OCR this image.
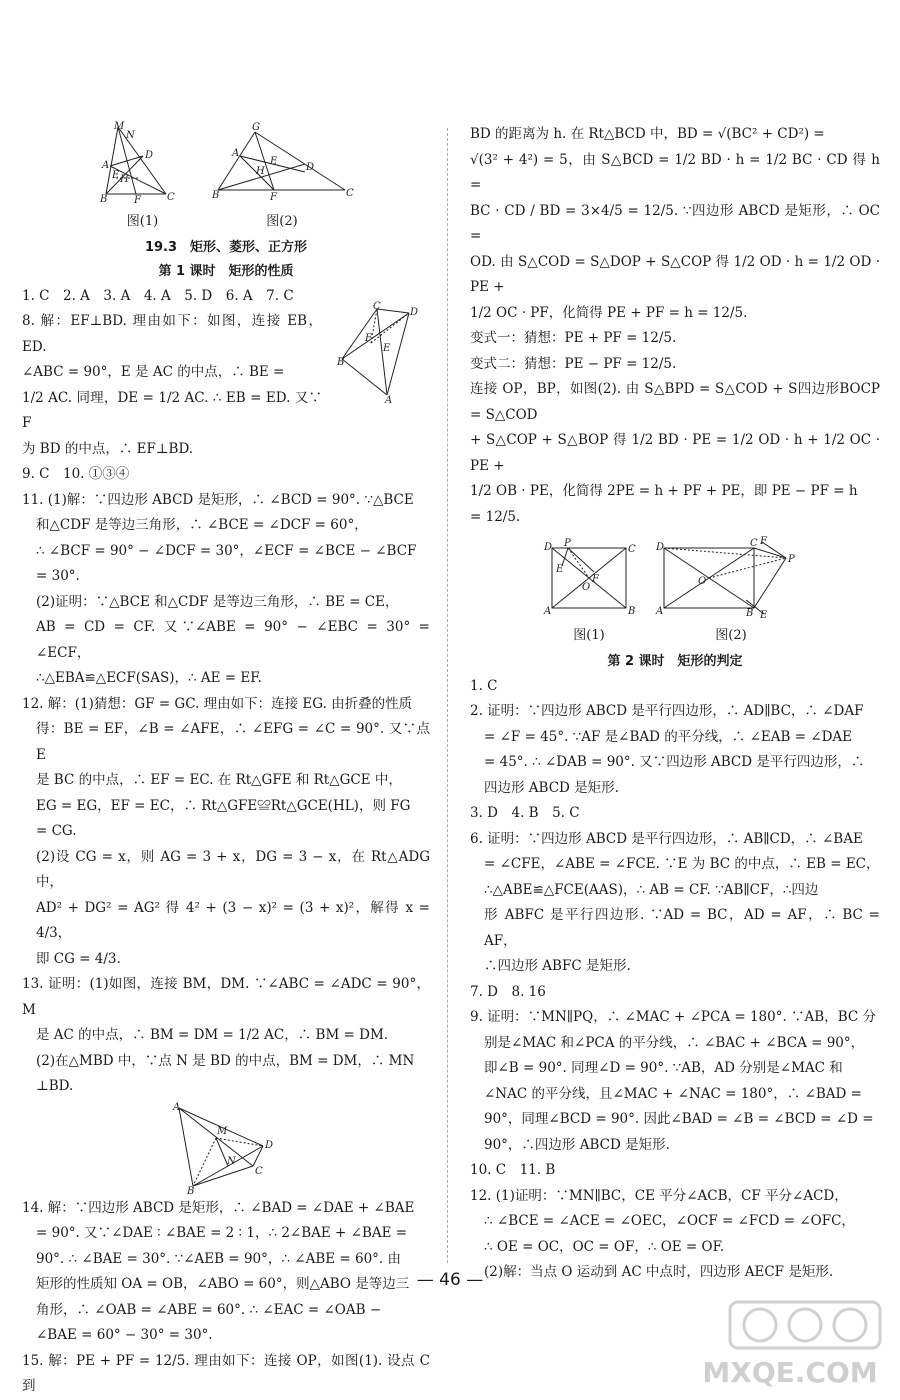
M
N
A
D
E H
B	F	C
图(1)
G
A
E
H	D
B	F	C
图(2)
19.3　矩形、菱形、正方形
第 1 课时　矩形的性质

1. C　2. A　3. A　4. A　5. D　6. A　7. C

C
D
F
E
B
A

8. 解：EF⊥BD. 理由如下：如图，连接 EB，ED.

∠ABC = 90°，E 是 AC 的中点，∴ BE =

1/2 AC. 同理，DE = 1/2 AC. ∴ EB = ED. 又∵ F

为 BD 的中点，∴ EF⊥BD.

9. C　10. ①③④

11. (1)解：∵四边形 ABCD 是矩形，∴ ∠BCD = 90°. ∵△BCE

和△CDF 是等边三角形，∴ ∠BCE = ∠DCF = 60°，

∴ ∠BCF = 90° − ∠DCF = 30°，∠ECF = ∠BCE − ∠BCF

= 30°.

(2)证明：∵△BCE 和△CDF 是等边三角形，∴ BE = CE，

AB = CD = CF. 又∵∠ABE = 90° − ∠EBC = 30° = ∠ECF，

∴△EBA≌△ECF(SAS)，∴ AE = EF.

12. 解：(1)猜想：GF = GC. 理由如下：连接 EG. 由折叠的性质

得：BE = EF，∠B = ∠AFE，∴ ∠EFG = ∠C = 90°. 又∵点 E

是 BC 的中点，∴ EF = EC. 在 Rt△GFE 和 Rt△GCE 中，

EG = EG，EF = EC，∴ Rt△GFE≌Rt△GCE(HL)，则 FG

= CG.

(2)设 CG = x，则 AG = 3 + x，DG = 3 − x，在 Rt△ADG 中，

AD² + DG² = AG² 得 4² + (3 − x)² = (3 + x)²，解得 x = 4/3，

即 CG = 4/3.

13. 证明：(1)如图，连接 BM，DM. ∵∠ABC = ∠ADC = 90°，M

是 AC 的中点，∴ BM = DM = 1/2 AC，∴ BM = DM.

(2)在△MBD 中，∵点 N 是 BD 的中点，BM = DM，∴ MN

⊥BD.

A
M
D
N
C
B

14. 解：∵四边形 ABCD 是矩形，∴ ∠BAD = ∠DAE + ∠BAE

= 90°. 又∵∠DAE ∶ ∠BAE = 2 ∶ 1，∴ 2∠BAE + ∠BAE =

90°. ∴ ∠BAE = 30°. ∵∠AEB = 90°，∴ ∠ABE = 60°. 由

矩形的性质知 OA = OB，∠ABO = 60°，则△ABO 是等边三

角形，∴ ∠OAB = ∠ABE = 60°. ∴ ∠EAC = ∠OAB −

∠BAE = 60° − 30° = 30°.

15. 解：PE + PF = 12/5. 理由如下：连接 OP，如图(1). 设点 C 到

BD 的距离为 h. 在 Rt△BCD 中，BD = √(BC² + CD²) =

√(3² + 4²) = 5，由 S△BCD = 1/2 BD · h = 1/2 BC · CD 得 h =

BC · CD / BD = 3×4/5 = 12/5. ∵四边形 ABCD 是矩形，∴ OC =

OD. 由 S△COD = S△DOP + S△COP 得 1/2 OD · h = 1/2 OD · PE +

1/2 OC · PF，化简得 PE + PF = h = 12/5.

变式一：猜想：PE + PF = 12/5.

变式二：猜想：PE − PF = 12/5.

连接 OP，BP，如图(2). 由 S△BPD = S△COD + S四边形BOCP = S△COD

+ S△COP + S△BOP 得 1/2 BD · PE = 1/2 OD · h + 1/2 OC · PE +

1/2 OB · PE，化简得 2PE = h + PF + PE，即 PE − PF = h

= 12/5.

D P
C
E
F
O
A	B
图(1)
D	C F
P
O
A	B E
图(2)
第 2 课时　矩形的判定

1. C

2. 证明：∵四边形 ABCD 是平行四边形，∴ AD∥BC，∴ ∠DAF

= ∠F = 45°. ∵AF 是∠BAD 的平分线，∴ ∠EAB = ∠DAE

= 45°. ∴ ∠DAB = 90°. 又∵四边形 ABCD 是平行四边形，∴

四边形 ABCD 是矩形.

3. D　4. B　5. C

6. 证明：∵四边形 ABCD 是平行四边形，∴ AB∥CD，∴ ∠BAE

= ∠CFE，∠ABE = ∠FCE. ∵E 为 BC 的中点，∴ EB = EC，

∴△ABE≌△FCE(AAS)，∴ AB = CF. ∵AB∥CF，∴四边

形 ABFC 是平行四边形. ∵AD = BC，AD = AF，∴ BC = AF，

∴四边形 ABFC 是矩形.

7. D　8. 16

9. 证明：∵MN∥PQ，∴ ∠MAC + ∠PCA = 180°. ∵AB，BC 分

别是∠MAC 和∠PCA 的平分线，∴ ∠BAC + ∠BCA = 90°，

即∠B = 90°. 同理∠D = 90°. ∵AB，AD 分别是∠MAC 和

∠NAC 的平分线，且∠MAC + ∠NAC = 180°，∴ ∠BAD =

90°，同理∠BCD = 90°. 因此∠BAD = ∠B = ∠BCD = ∠D =

90°，∴四边形 ABCD 是矩形.

10. C　11. B

12. (1)证明：∵MN∥BC，CE 平分∠ACB，CF 平分∠ACD，

∴ ∠BCE = ∠ACE = ∠OEC，∠OCF = ∠FCD = ∠OFC，

∴ OE = OC，OC = OF，∴ OE = OF.

(2)解：当点 O 运动到 AC 中点时，四边形 AECF 是矩形.

— 46 —
MXQE.COM
